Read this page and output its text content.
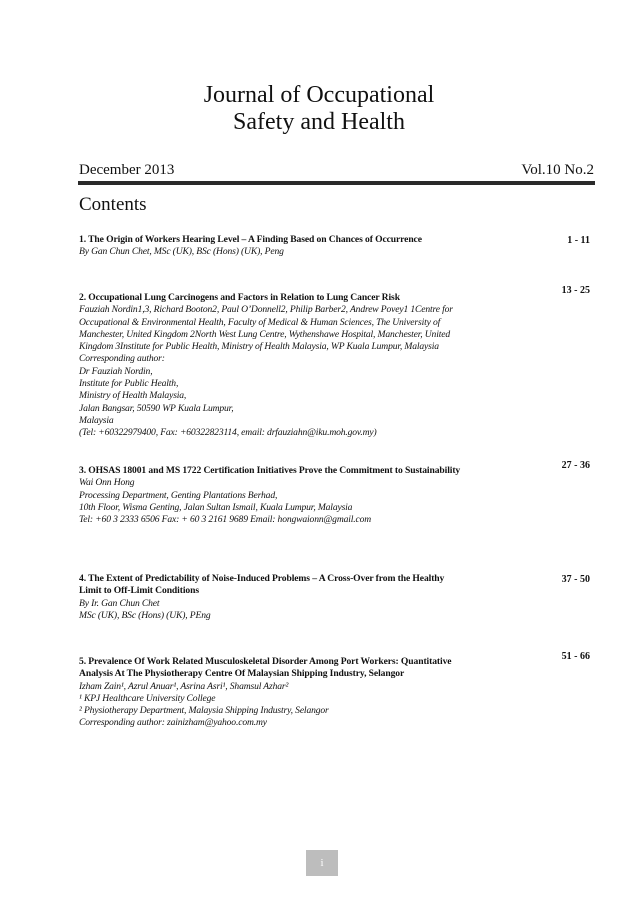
Journal of Occupational
Safety and Health
December 2013	Vol.10 No.2
Contents
1. The Origin of Workers Hearing Level – A Finding Based on Chances of Occurrence
By Gan Chun Chet, MSc (UK), BSc (Hons) (UK), Peng
1 - 11
2. Occupational Lung Carcinogens and Factors in Relation to Lung Cancer Risk
Fauziah Nordin1,3, Richard Booton2, Paul O’Donnell2, Philip Barber2, Andrew Povey1 1Centre for
Occupational & Environmental Health, Faculty of Medical & Human Sciences, The University of
Manchester, United Kingdom 2North West Lung Centre, Wythenshawe Hospital, Manchester, United
Kingdom 3Institute for Public Health, Ministry of Health Malaysia, WP Kuala Lumpur, Malaysia
Corresponding author:
Dr Fauziah Nordin,
Institute for Public Health,
Ministry of Health Malaysia,
Jalan Bangsar, 50590 WP Kuala Lumpur,
Malaysia
(Tel: +60322979400, Fax: +60322823114, email: drfauziahn@iku.moh.gov.my)
13 - 25
3. OHSAS 18001 and MS 1722 Certification Initiatives Prove the Commitment to Sustainability
Wai Onn Hong
Processing Department, Genting Plantations Berhad,
10th Floor, Wisma Genting, Jalan Sultan Ismail, Kuala Lumpur, Malaysia
Tel: +60 3 2333 6506 Fax: + 60 3 2161 9689 Email: hongwaionn@gmail.com
27 - 36
4. The Extent of Predictability of Noise-Induced Problems – A Cross-Over from the Healthy Limit to Off-Limit Conditions
By Ir. Gan Chun Chet
MSc (UK), BSc (Hons) (UK), PEng
37 - 50
5. Prevalence Of Work Related Musculoskeletal Disorder Among Port Workers: Quantitative Analysis At The Physiotherapy Centre Of Malaysian Shipping Industry, Selangor
Izham Zain¹, Azrul Anuar¹, Asrina Asri¹, Shamsul Azhar²
¹ KPJ Healthcare University College
² Physiotherapy Department, Malaysia Shipping Industry, Selangor
Corresponding author: zainizham@yahoo.com.my
51 - 66
i
